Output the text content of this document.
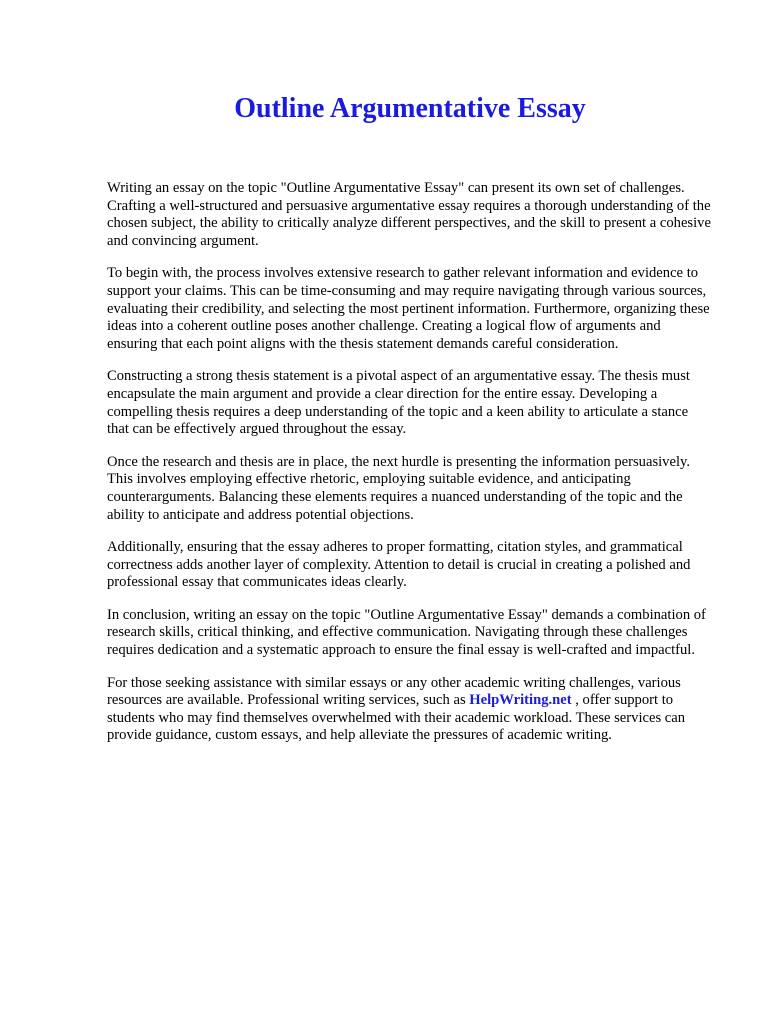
Outline Argumentative Essay

Writing an essay on the topic "Outline Argumentative Essay" can present its own set of challenges. Crafting a well-structured and persuasive argumentative essay requires a thorough understanding of the chosen subject, the ability to critically analyze different perspectives, and the skill to present a cohesive and convincing argument.

To begin with, the process involves extensive research to gather relevant information and evidence to support your claims. This can be time-consuming and may require navigating through various sources, evaluating their credibility, and selecting the most pertinent information. Furthermore, organizing these ideas into a coherent outline poses another challenge. Creating a logical flow of arguments and ensuring that each point aligns with the thesis statement demands careful consideration.

Constructing a strong thesis statement is a pivotal aspect of an argumentative essay. The thesis must encapsulate the main argument and provide a clear direction for the entire essay. Developing a compelling thesis requires a deep understanding of the topic and a keen ability to articulate a stance that can be effectively argued throughout the essay.

Once the research and thesis are in place, the next hurdle is presenting the information persuasively. This involves employing effective rhetoric, employing suitable evidence, and anticipating counterarguments. Balancing these elements requires a nuanced understanding of the topic and the ability to anticipate and address potential objections.

Additionally, ensuring that the essay adheres to proper formatting, citation styles, and grammatical correctness adds another layer of complexity. Attention to detail is crucial in creating a polished and professional essay that communicates ideas clearly.

In conclusion, writing an essay on the topic "Outline Argumentative Essay" demands a combination of research skills, critical thinking, and effective communication. Navigating through these challenges requires dedication and a systematic approach to ensure the final essay is well-crafted and impactful.

For those seeking assistance with similar essays or any other academic writing challenges, various resources are available. Professional writing services, such as HelpWriting.net , offer support to students who may find themselves overwhelmed with their academic workload. These services can provide guidance, custom essays, and help alleviate the pressures of academic writing.
